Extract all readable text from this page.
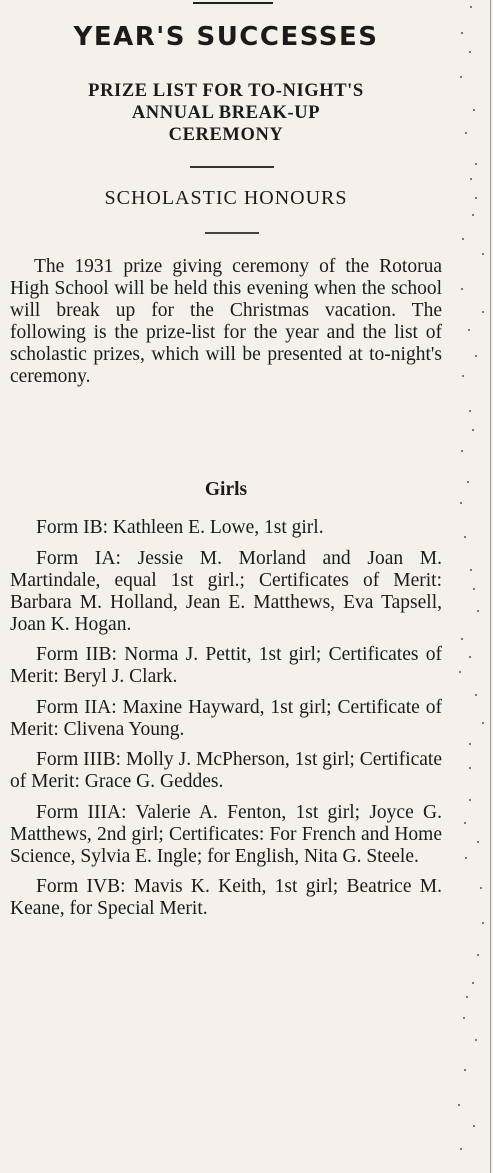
YEAR'S SUCCESSES
PRIZE LIST FOR TO-NIGHT'S
ANNUAL BREAK-UP
CEREMONY
SCHOLASTIC HONOURS
The 1931 prize giving ceremony of the Rotorua High School will be held this evening when the school will break up for the Christmas vacation. The following is the prize-list for the year and the list of scholastic prizes, which will be presented at to-night's ceremony.
Girls

Form IB: Kathleen E. Lowe, 1st girl.

Form IA: Jessie M. Morland and Joan M. Martindale, equal 1st girl.; Certificates of Merit: Barbara M. Holland, Jean E. Matthews, Eva Tapsell, Joan K. Hogan.

Form IIB: Norma J. Pettit, 1st girl; Certificates of Merit: Beryl J. Clark.

Form IIA: Maxine Hayward, 1st girl; Certificate of Merit: Clivena Young.

Form IIIB: Molly J. McPherson, 1st girl; Certificate of Merit: Grace G. Geddes.

Form IIIA: Valerie A. Fenton, 1st girl; Joyce G. Matthews, 2nd girl; Certificates: For French and Home Science, Sylvia E. Ingle; for English, Nita G. Steele.

Form IVB: Mavis K. Keith, 1st girl; Beatrice M. Keane, for Special Merit.
